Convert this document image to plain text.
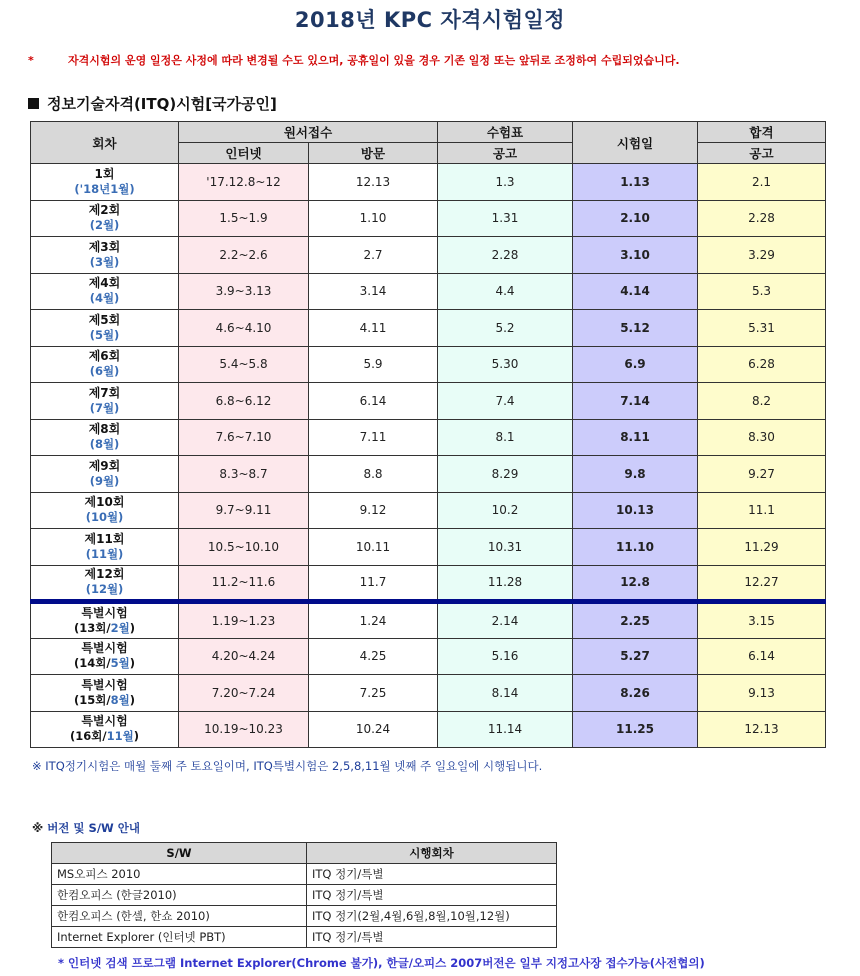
2018년 KPC 자격시험일정
*	자격시험의 운영 일정은 사정에 따라 변경될 수도 있으며, 공휴일이 있을 경우 기존 일정 또는 앞뒤로 조정하여 수립되었습니다.
정보기술자격(ITQ)시험[국가공인]
회차	원서접수		수험표	시험일	합격
	인터넷	방문	공고		공고

1회
('18년1월)	'17.12.8~12	12.13	1.3	1.13	2.1

제2회
(2월)	1.5~1.9	1.10	1.31	2.10	2.28

제3회
(3월)	2.2~2.6	2.7	2.28	3.10	3.29

제4회
(4월)	3.9~3.13	3.14	4.4	4.14	5.3

제5회
(5월)	4.6~4.10	4.11	5.2	5.12	5.31

제6회
(6월)	5.4~5.8	5.9	5.30	6.9	6.28

제7회
(7월)	6.8~6.12	6.14	7.4	7.14	8.2

제8회
(8월)	7.6~7.10	7.11	8.1	8.11	8.30

제9회
(9월)	8.3~8.7	8.8	8.29	9.8	9.27

제10회
(10월)	9.7~9.11	9.12	10.2	10.13	11.1

제11회
(11월)	10.5~10.10	10.11	10.31	11.10	11.29

제12회
(12월)	11.2~11.6	11.7	11.28	12.8	12.27

특별시험
(13회/2월)	1.19~1.23	1.24	2.14	2.25	3.15

특별시험
(14회/5월)	4.20~4.24	4.25	5.16	5.27	6.14

특별시험
(15회/8월)	7.20~7.24	7.25	8.14	8.26	9.13

특별시험
(16회/11월)	10.19~10.23	10.24	11.14	11.25	12.13
※ ITQ정기시험은 매월 둘째 주 토요일이며, ITQ특별시험은 2,5,8,11월 넷째 주 일요일에 시행됩니다.
※ 버전 및 S/W 안내
S/W	시행회차
MS오피스 2010	ITQ 정기/특별
한컴오피스 (한글2010)	ITQ 정기/특별
한컴오피스 (한셀, 한쇼 2010)	ITQ 정기(2월,4월,6월,8월,10월,12월)
Internet Explorer (인터넷 PBT)	ITQ 정기/특별
* 인터넷 검색 프로그램 Internet Explorer(Chrome 불가), 한글/오피스 2007버전은 일부 지정고사장 접수가능(사전협의)
